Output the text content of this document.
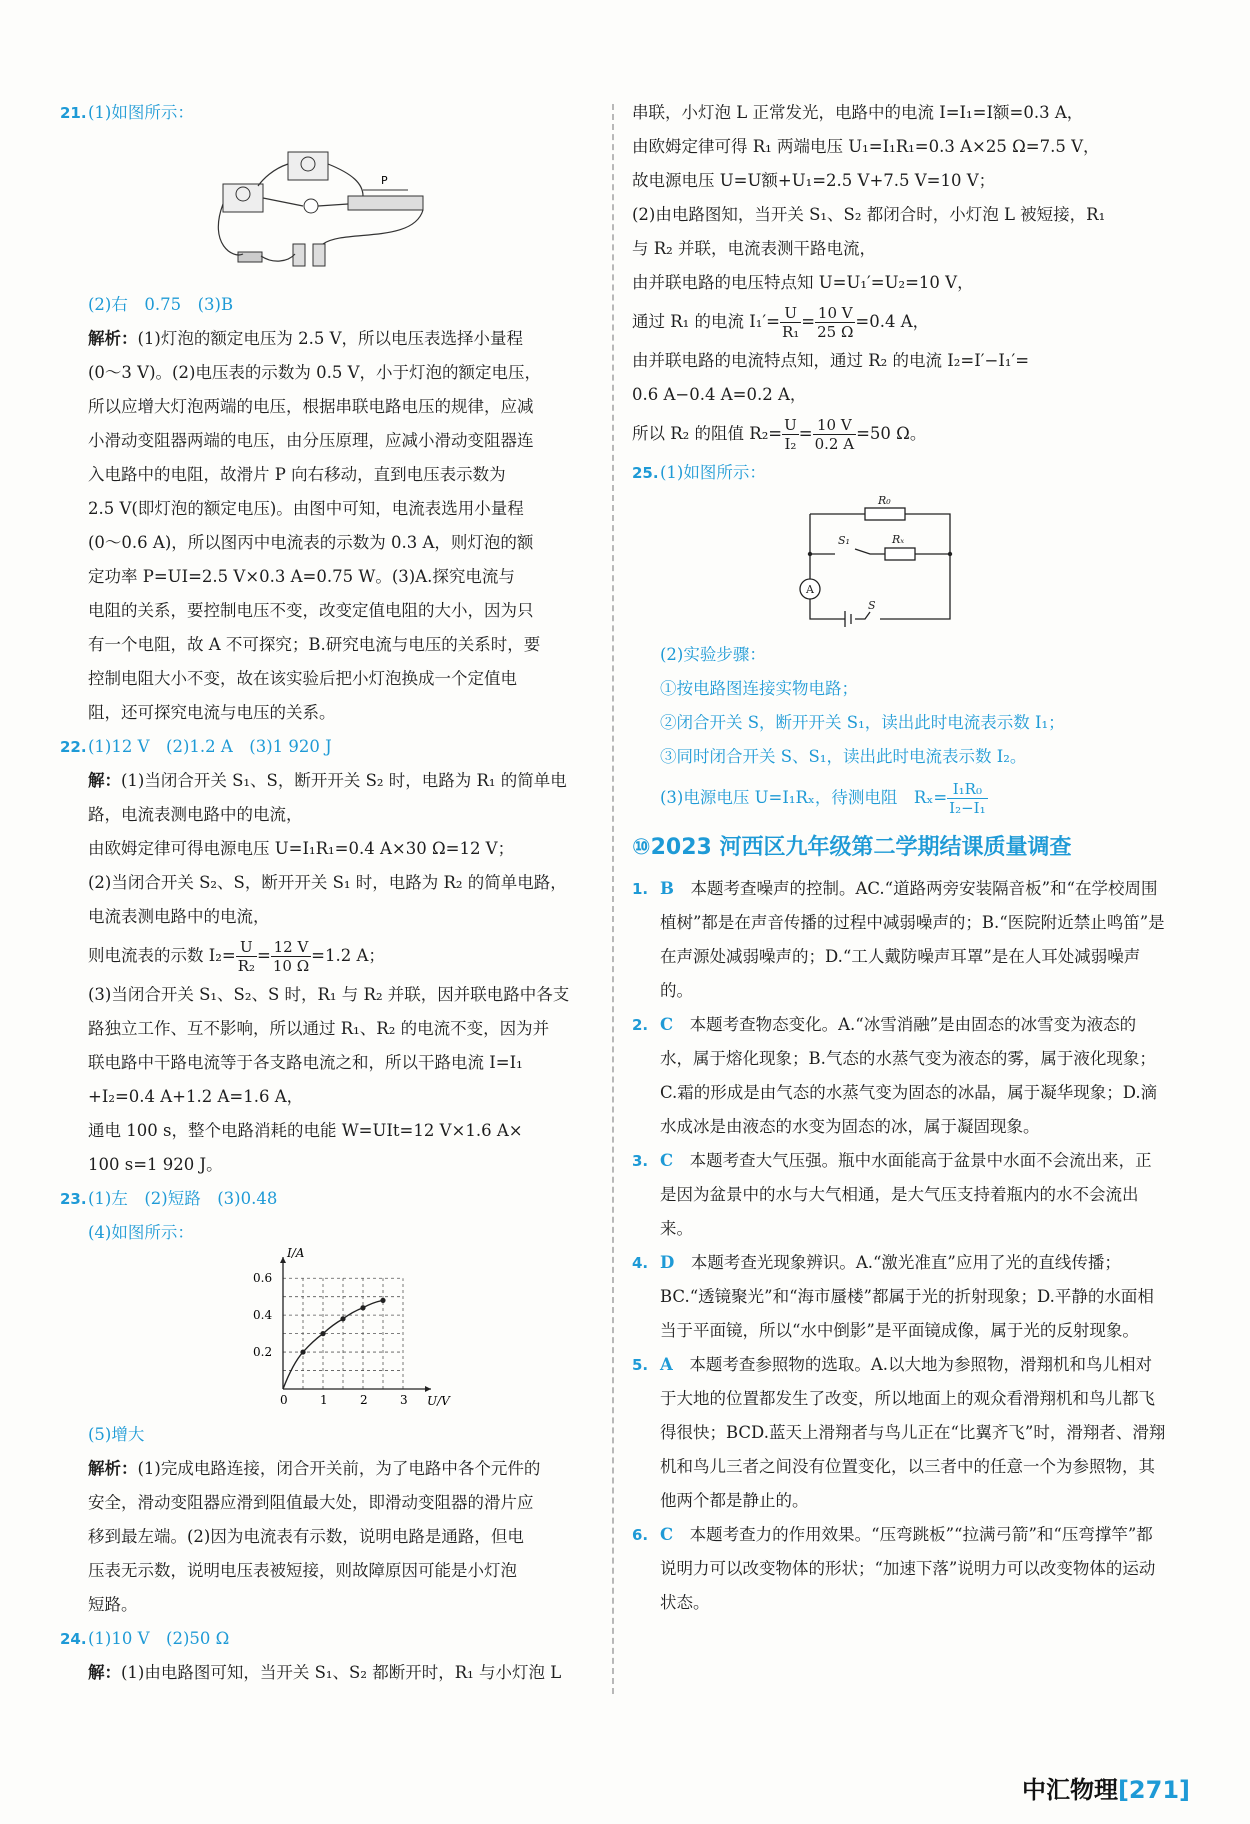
21. (1)如图所示：

P

(2)右　0.75　(3)B

解析：(1)灯泡的额定电压为 2.5 V，所以电压表选择小量程

(0～3 V)。(2)电压表的示数为 0.5 V，小于灯泡的额定电压，

所以应增大灯泡两端的电压，根据串联电路电压的规律，应减

小滑动变阻器两端的电压，由分压原理，应减小滑动变阻器连

入电路中的电阻，故滑片 P 向右移动，直到电压表示数为

2.5 V(即灯泡的额定电压)。由图中可知，电流表选用小量程

(0～0.6 A)，所以图丙中电流表的示数为 0.3 A，则灯泡的额

定功率 P=UI=2.5 V×0.3 A=0.75 W。(3)A.探究电流与

电阻的关系，要控制电压不变，改变定值电阻的大小，因为只

有一个电阻，故 A 不可探究；B.研究电流与电压的关系时，要

控制电阻大小不变，故在该实验后把小灯泡换成一个定值电

阻，还可探究电流与电压的关系。

22. (1)12 V　(2)1.2 A　(3)1 920 J

解：(1)当闭合开关 S₁、S，断开开关 S₂ 时，电路为 R₁ 的简单电

路，电流表测电路中的电流，

由欧姆定律可得电源电压 U=I₁R₁=0.4 A×30 Ω=12 V；

(2)当闭合开关 S₂、S，断开开关 S₁ 时，电路为 R₂ 的简单电路，

电流表测电路中的电流，

则电流表的示数 $I_2= \frac{U}{\text{R₂}} = \frac{12 V}{10 \Omega} =1.2$ A；

(3)当闭合开关 S₁、S₂、S 时，R₁ 与 R₂ 并联，因并联电路中各支

路独立工作、互不影响，所以通过 R₁、R₂ 的电流不变，因为并

联电路中干路电流等于各支路电流之和，所以干路电流 I=I₁

+I₂=0.4 A+1.2 A=1.6 A，

通电 100 s，整个电路消耗的电能 W=UIt=12 V×1.6 A×

100 s=1 920 J。

23. (1)左　(2)短路　(3)0.48

(4)如图所示：

0	1	2	3
0.2
0.4
0.6
U/V
I/A

(5)增大

解析：(1)完成电路连接，闭合开关前，为了电路中各个元件的

安全，滑动变阻器应滑到阻值最大处，即滑动变阻器的滑片应

移到最左端。(2)因为电流表有示数，说明电路是通路，但电

压表无示数，说明电压表被短接，则故障原因可能是小灯泡

短路。

24. (1)10 V　(2)50 Ω

解：(1)由电路图可知，当开关 S₁、S₂ 都断开时，R₁ 与小灯泡 L

串联，小灯泡 L 正常发光，电路中的电流 I=I₁=I额=0.3 A，

由欧姆定律可得 R₁ 两端电压 U₁=I₁R₁=0.3 A×25 Ω=7.5 V，

故电源电压 U=U额+U₁=2.5 V+7.5 V=10 V；

(2)由电路图知，当开关 S₁、S₂ 都闭合时，小灯泡 L 被短接，R₁

与 R₂ 并联，电流表测干路电流，

由并联电路的电压特点知 U=U₁′=U₂=10 V，

通过 R₁ 的电流 $I_1'= \frac{U}{\text{R₁}} = \frac{10 V}{25 \Omega} =0.4$ A，

由并联电路的电流特点知，通过 R₂ 的电流 I₂=I′−I₁′=

0.6 A−0.4 A=0.2 A，

所以 R₂ 的阻值 $R_2= \frac{U}{\text{I₂}} = \frac{10 V}{0.2 A} =50$ Ω。

25. (1)如图所示：

R₀
Rₓ
S₁
S
A

(2)实验步骤：

①按电路图连接实物电路；

②闭合开关 S，断开开关 S₁，读出此时电流表示数 I₁；

③同时闭合开关 S、S₁，读出此时电流表示数 I₂。

(3)电源电压 U=I₁Rₓ，待测电阻　$R_x= \frac{\text{I₁R₀}}{\text{I₂−I₁}}$

⑩2023 河西区九年级第二学期结课质量调查
1. B　 本题考查噪声的控制。AC.“道路两旁安装隔音板”和“在学校周围植树”都是在声音传播的过程中减弱噪声的；B.“医院附近禁止鸣笛”是在声源处减弱噪声的；D.“工人戴防噪声耳罩”是在人耳处减弱噪声的。

2. C　 本题考查物态变化。A.“冰雪消融”是由固态的冰雪变为液态的水，属于熔化现象；B.气态的水蒸气变为液态的雾，属于液化现象；C.霜的形成是由气态的水蒸气变为固态的冰晶，属于凝华现象；D.滴水成冰是由液态的水变为固态的冰，属于凝固现象。

3. C　 本题考查大气压强。瓶中水面能高于盆景中水面不会流出来，正是因为盆景中的水与大气相通，是大气压支持着瓶内的水不会流出来。

4. D　 本题考查光现象辨识。A.“激光准直”应用了光的直线传播；BC.“透镜聚光”和“海市蜃楼”都属于光的折射现象；D.平静的水面相当于平面镜，所以“水中倒影”是平面镜成像，属于光的反射现象。

5. A　 本题考查参照物的选取。A.以大地为参照物，滑翔机和鸟儿相对于大地的位置都发生了改变，所以地面上的观众看滑翔机和鸟儿都飞得很快；BCD.蓝天上滑翔者与鸟儿正在“比翼齐飞”时，滑翔者、滑翔机和鸟儿三者之间没有位置变化，以三者中的任意一个为参照物，其他两个都是静止的。

6. C　 本题考查力的作用效果。“压弯跳板”“拉满弓箭”和“压弯撑竿”都说明力可以改变物体的形状；“加速下落”说明力可以改变物体的运动状态。

中汇物理[271]
